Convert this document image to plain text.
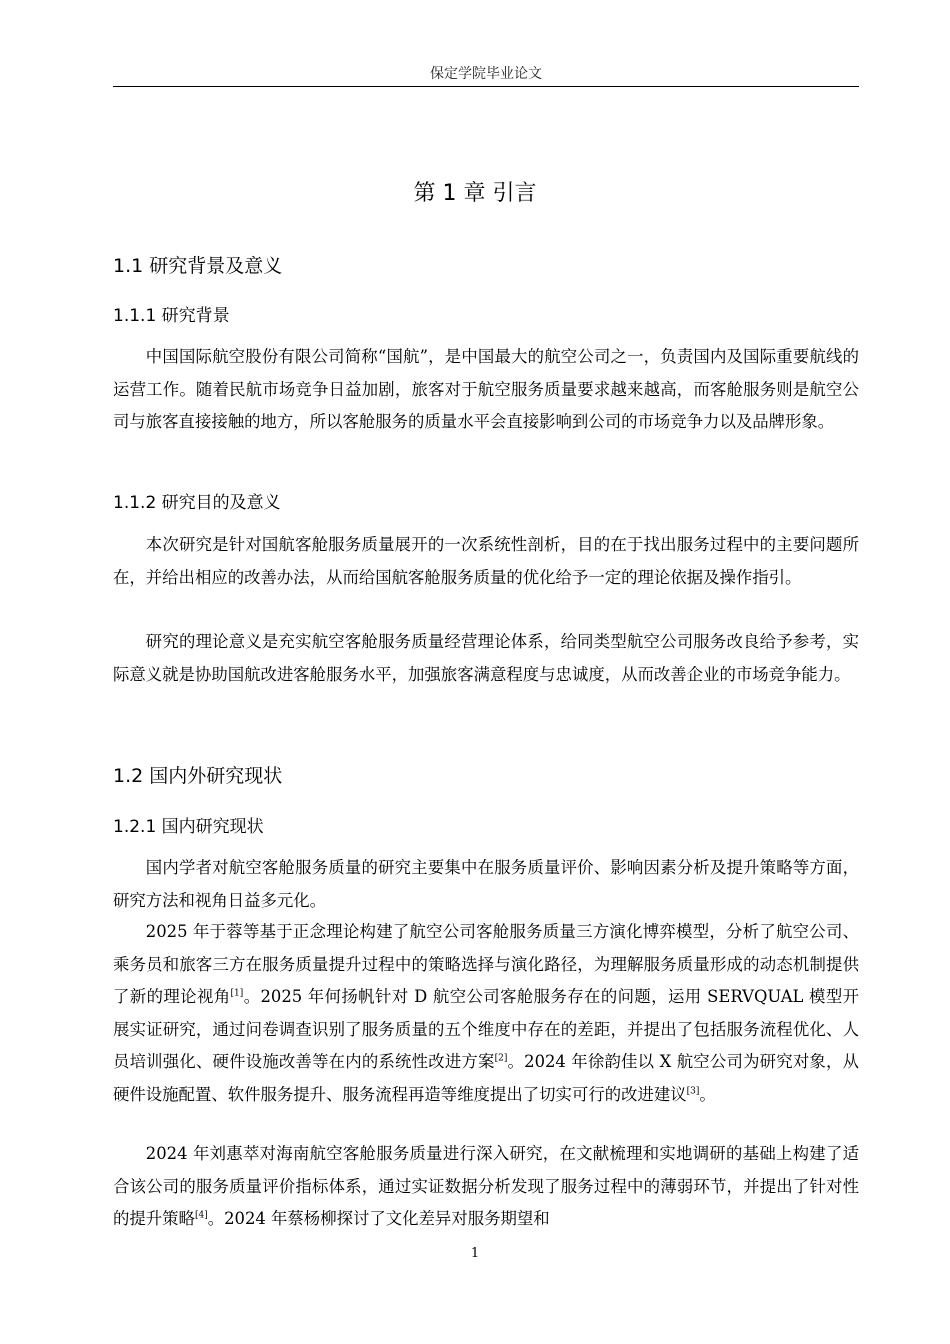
保定学院毕业论文
第 1 章 引言
1.1 研究背景及意义
1.1.1 研究背景

中国国际航空股份有限公司简称“国航”，是中国最大的航空公司之一，负责国内及国际重要航线的运营工作。随着民航市场竞争日益加剧，旅客对于航空服务质量要求越来越高，而客舱服务则是航空公司与旅客直接接触的地方，所以客舱服务的质量水平会直接影响到公司的市场竞争力以及品牌形象。

1.1.2 研究目的及意义

本次研究是针对国航客舱服务质量展开的一次系统性剖析，目的在于找出服务过程中的主要问题所在，并给出相应的改善办法，从而给国航客舱服务质量的优化给予一定的理论依据及操作指引。

研究的理论意义是充实航空客舱服务质量经营理论体系，给同类型航空公司服务改良给予参考，实际意义就是协助国航改进客舱服务水平，加强旅客满意程度与忠诚度，从而改善企业的市场竞争能力。

1.2 国内外研究现状
1.2.1 国内研究现状

国内学者对航空客舱服务质量的研究主要集中在服务质量评价、影响因素分析及提升策略等方面，研究方法和视角日益多元化。

2025 年于蓉等基于正念理论构建了航空公司客舱服务质量三方演化博弈模型，分析了航空公司、乘务员和旅客三方在服务质量提升过程中的策略选择与演化路径，为理解服务质量形成的动态机制提供了新的理论视角[1]。2025 年何扬帆针对 D 航空公司客舱服务存在的问题，运用 SERVQUAL 模型开展实证研究，通过问卷调查识别了服务质量的五个维度中存在的差距，并提出了包括服务流程优化、人员培训强化、硬件设施改善等在内的系统性改进方案[2]。2024 年徐韵佳以 X 航空公司为研究对象，从硬件设施配置、软件服务提升、服务流程再造等维度提出了切实可行的改进建议[3]。

2024 年刘惠萃对海南航空客舱服务质量进行深入研究，在文献梳理和实地调研的基础上构建了适合该公司的服务质量评价指标体系，通过实证数据分析发现了服务过程中的薄弱环节，并提出了针对性的提升策略[4]。2024 年蔡杨柳探讨了文化差异对服务期望和

1
